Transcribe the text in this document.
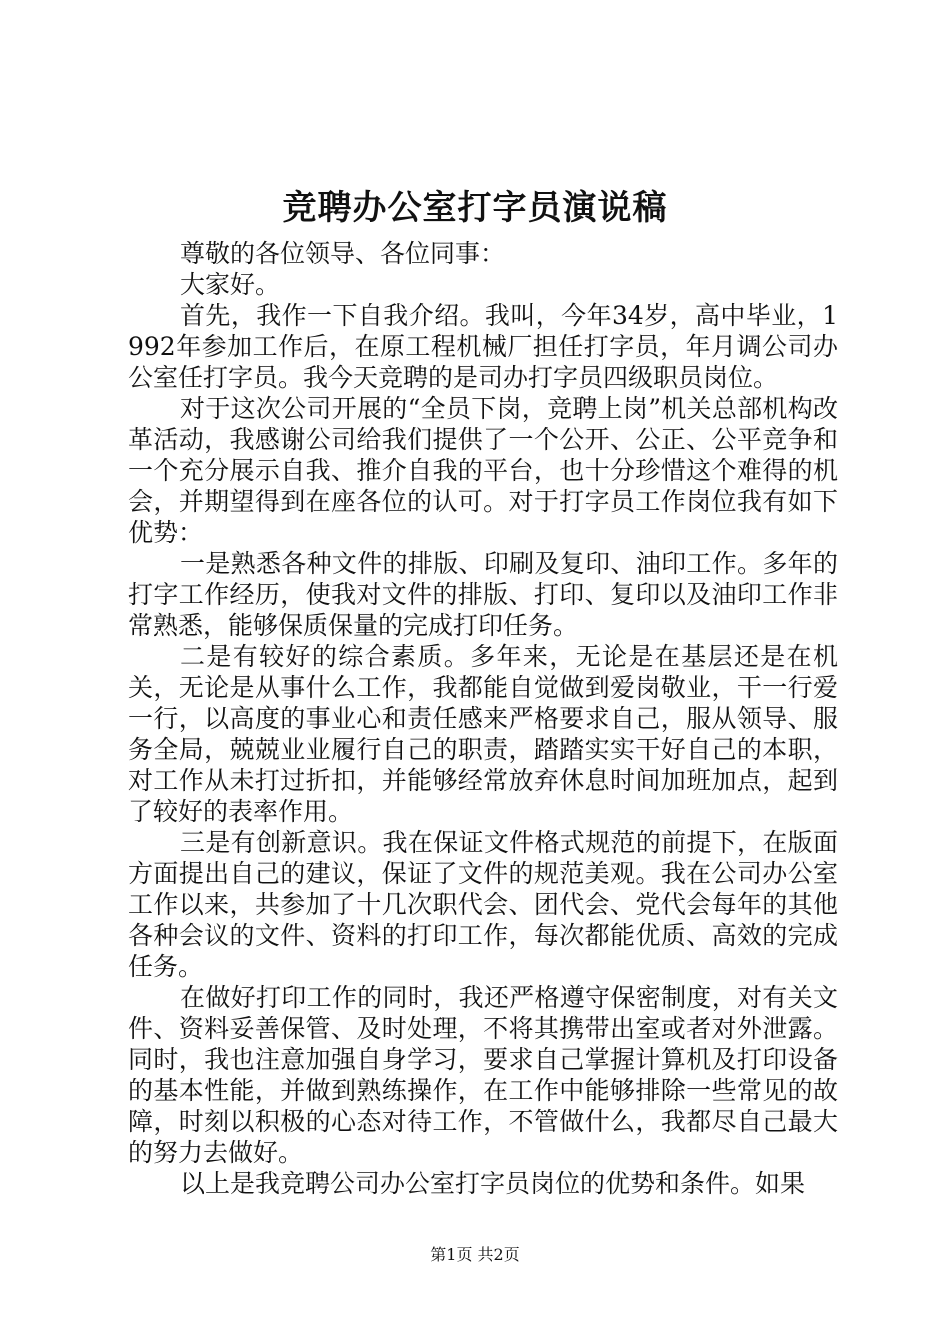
竞聘办公室打字员演说稿

尊敬的各位领导、各位同事：

大家好。

首先，我作一下自我介绍。我叫，今年34岁，高中毕业，1992年参加工作后，在原工程机械厂担任打字员，年月调公司办公室任打字员。我今天竞聘的是司办打字员四级职员岗位。

对于这次公司开展的“全员下岗，竞聘上岗”机关总部机构改革活动，我感谢公司给我们提供了一个公开、公正、公平竞争和一个充分展示自我、推介自我的平台，也十分珍惜这个难得的机会，并期望得到在座各位的认可。对于打字员工作岗位我有如下优势：

一是熟悉各种文件的排版、印刷及复印、油印工作。多年的打字工作经历，使我对文件的排版、打印、复印以及油印工作非常熟悉，能够保质保量的完成打印任务。

二是有较好的综合素质。多年来，无论是在基层还是在机关，无论是从事什么工作，我都能自觉做到爱岗敬业，干一行爱一行，以高度的事业心和责任感来严格要求自己，服从领导、服务全局，兢兢业业履行自己的职责，踏踏实实干好自己的本职，对工作从未打过折扣，并能够经常放弃休息时间加班加点，起到了较好的表率作用。

三是有创新意识。我在保证文件格式规范的前提下，在版面方面提出自己的建议，保证了文件的规范美观。我在公司办公室工作以来，共参加了十几次职代会、团代会、党代会每年的其他各种会议的文件、资料的打印工作，每次都能优质、高效的完成任务。

在做好打印工作的同时，我还严格遵守保密制度，对有关文件、资料妥善保管、及时处理，不将其携带出室或者对外泄露。同时，我也注意加强自身学习，要求自己掌握计算机及打印设备的基本性能，并做到熟练操作，在工作中能够排除一些常见的故障，时刻以积极的心态对待工作，不管做什么，我都尽自己最大的努力去做好。

以上是我竞聘公司办公室打字员岗位的优势和条件。如果

第1页 共2页
